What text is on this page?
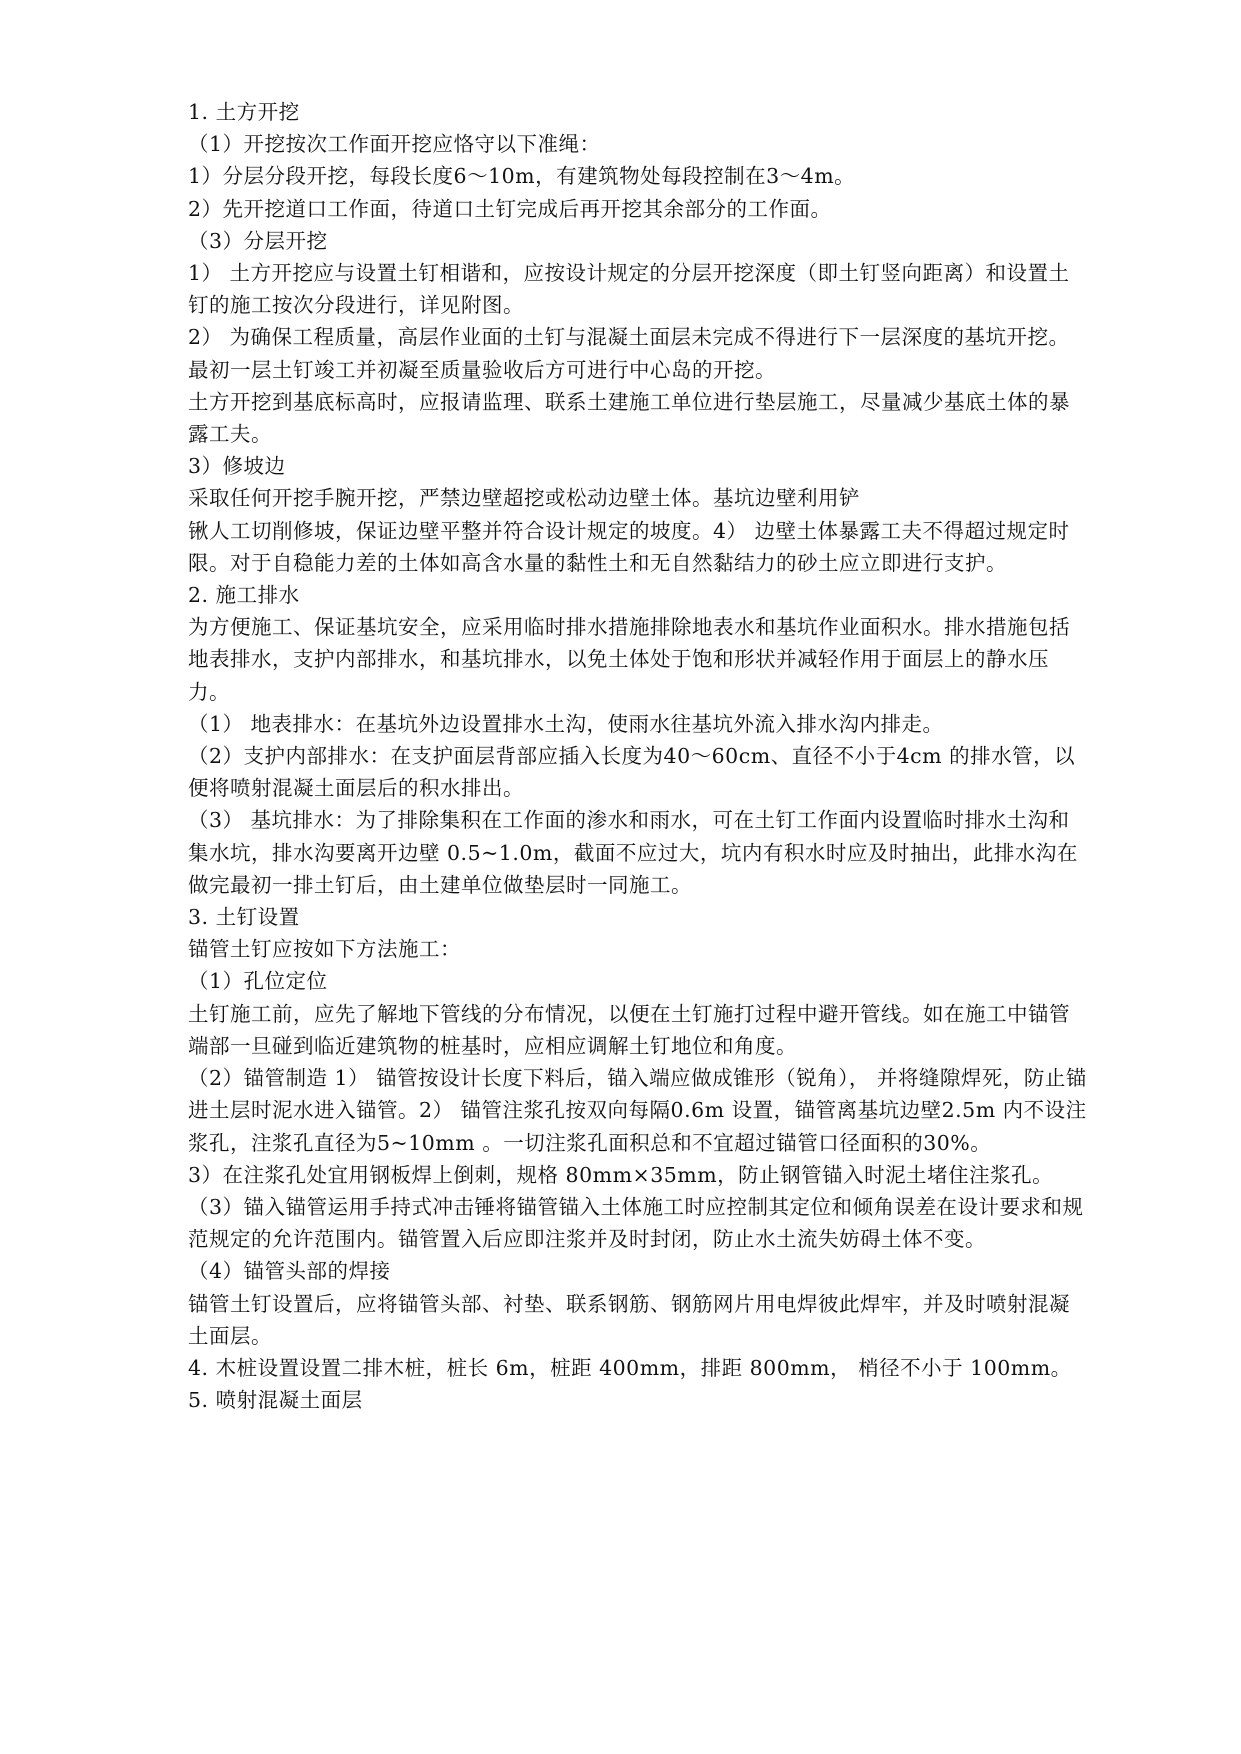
1. 土方开挖

（1）开挖按次工作面开挖应恪守以下准绳：

1）分层分段开挖，每段长度6～10m，有建筑物处每段控制在3～4m。

2）先开挖道口工作面，待道口土钉完成后再开挖其余部分的工作面。

（3）分层开挖

1） 土方开挖应与设置土钉相谐和，应按设计规定的分层开挖深度（即土钉竖向距离）和设置土钉的施工按次分段进行，详见附图。

2） 为确保工程质量，高层作业面的土钉与混凝土面层未完成不得进行下一层深度的基坑开挖。最初一层土钉竣工并初凝至质量验收后方可进行中心岛的开挖。

土方开挖到基底标高时，应报请监理、联系土建施工单位进行垫层施工，尽量减少基底土体的暴露工夫。

3）修坡边

采取任何开挖手腕开挖，严禁边壁超挖或松动边壁土体。基坑边壁利用铲

锹人工切削修坡，保证边壁平整并符合设计规定的坡度。4） 边壁土体暴露工夫不得超过规定时限。对于自稳能力差的土体如高含水量的黏性土和无自然黏结力的砂土应立即进行支护。

2. 施工排水

为方便施工、保证基坑安全，应采用临时排水措施排除地表水和基坑作业面积水。排水措施包括地表排水，支护内部排水，和基坑排水，以免土体处于饱和形状并减轻作用于面层上的静水压力。

（1） 地表排水：在基坑外边设置排水土沟，使雨水往基坑外流入排水沟内排走。

（2）支护内部排水：在支护面层背部应插入长度为40～60cm、直径不小于4cm 的排水管，以便将喷射混凝土面层后的积水排出。

（3） 基坑排水：为了排除集积在工作面的渗水和雨水，可在土钉工作面内设置临时排水土沟和集水坑，排水沟要离开边壁 0.5~1.0m，截面不应过大，坑内有积水时应及时抽出，此排水沟在做完最初一排土钉后，由土建单位做垫层时一同施工。

3. 土钉设置

锚管土钉应按如下方法施工：

（1）孔位定位

土钉施工前，应先了解地下管线的分布情况，以便在土钉施打过程中避开管线。如在施工中锚管端部一旦碰到临近建筑物的桩基时，应相应调解土钉地位和角度。

（2）锚管制造 1） 锚管按设计长度下料后，锚入端应做成锥形（锐角）， 并将缝隙焊死，防止锚进土层时泥水进入锚管。2） 锚管注浆孔按双向每隔0.6m 设置，锚管离基坑边壁2.5m 内不设注浆孔，注浆孔直径为5~10mm 。一切注浆孔面积总和不宜超过锚管口径面积的30%。

3）在注浆孔处宜用钢板焊上倒刺，规格 80mm×35mm，防止钢管锚入时泥土堵住注浆孔。

（3）锚入锚管运用手持式冲击锤将锚管锚入土体施工时应控制其定位和倾角误差在设计要求和规范规定的允许范围内。锚管置入后应即注浆并及时封闭，防止水土流失妨碍土体不变。

（4）锚管头部的焊接

锚管土钉设置后，应将锚管头部、衬垫、联系钢筋、钢筋网片用电焊彼此焊牢，并及时喷射混凝土面层。

4. 木桩设置设置二排木桩，桩长 6m，桩距 400mm，排距 800mm， 梢径不小于 100mm。

5. 喷射混凝土面层
